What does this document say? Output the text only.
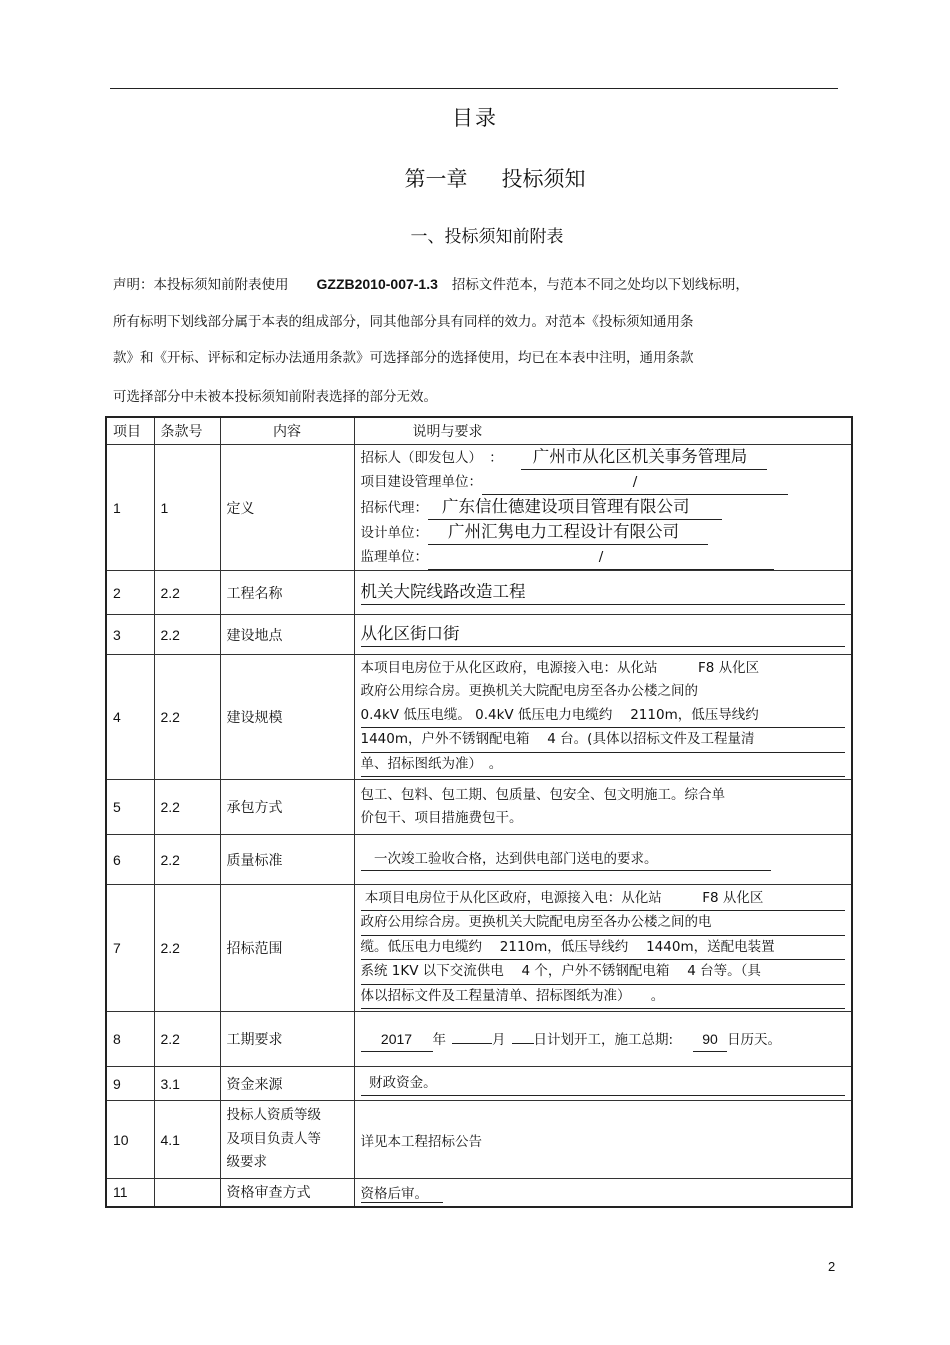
目录
第一章 投标须知
一、投标须知前附表
声明：本投标须知前附表使用 GZZB2010-007-1.3 招标文件范本，与范本不同之处均以下划线标明，
所有标明下划线部分属于本表的组成部分，同其他部分具有同样的效力。对范本《投标须知通用条
款》和《开标、评标和定标办法通用条款》可选择部分的选择使用，均已在本表中注明，通用条款
可选择部分中未被本投标须知前附表选择的部分无效。
项目	条款号	内容	说明与要求
1	1	定义	招标人（即发包人） ： 广州市从化区机关事务管理局
项目建设管理单位： /
招标代理： 广东信仕德建设项目管理有限公司
设计单位： 广州汇隽电力工程设计有限公司
监理单位： /

2	2.2	工程名称	机关大院线路改造工程

3	2.2	建设地点	从化区街口街

4	2.2	建设规模	本项目电房位于从化区政府，电源接入电：从化站　　　F8 从化区
政府公用综合房。更换机关大院配电房至各办公楼之间的
0.4kV 低压电缆。 0.4kV 低压电力电缆约　 2110m，低压导线约
1440m，户外不锈钢配电箱　 4 台。(具体以招标文件及工程量清
单、招标图纸为准）　。

5	2.2	承包方式	包工、包料、包工期、包质量、包安全、包文明施工。综合单
价包干、项目措施费包干。

6	2.2	质量标准	　一次竣工验收合格，达到供电部门送电的要求。　　　　
7	2.2	招标范围	本项目电房位于从化区政府，电源接入电：从化站　　　F8 从化区
政府公用综合房。更换机关大院配电房至各办公楼之间的电
缆。低压电力电缆约　 2110m，低压导线约　 1440m，送配电装置
系统 1KV 以下交流供电　 4 个，户外不锈钢配电箱　 4 台等。（具
体以招标文件及工程量清单、招标图纸为准）　　。

8	2.2	工期要求	2017 年 月 日计划开工，施工总期: 90 日历天。

9	3.1	资金来源	财政资金。

10	4.1	投标人资质等级
及项目负责人等
级要求	详见本工程招标公告
11		资格审查方式	资格后审。
2
